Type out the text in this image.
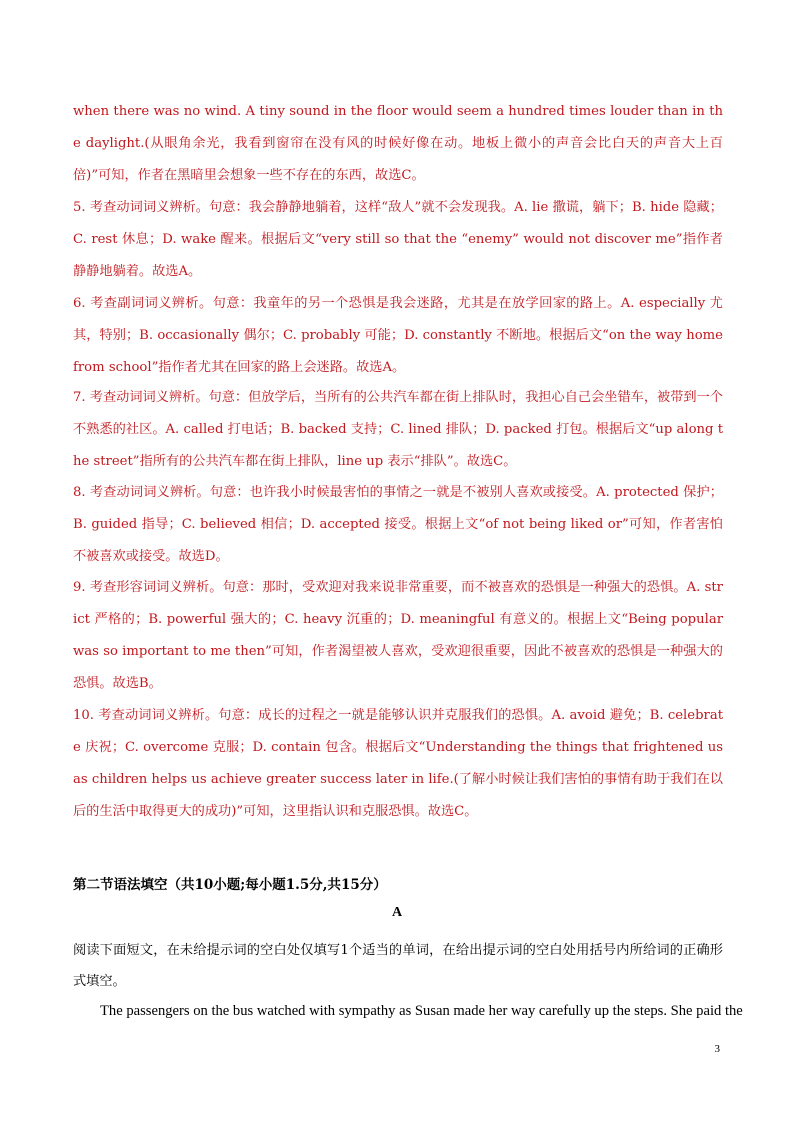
when there was no wind. A tiny sound in the floor would seem a hundred times louder than in the daylight.(从眼角余光，我看到窗帘在没有风的时候好像在动。地板上微小的声音会比白天的声音大上百倍)”可知，作者在黑暗里会想象一些不存在的东西，故选C。
5. 考查动词词义辨析。句意：我会静静地躺着，这样“敌人”就不会发现我。A. lie 撒谎，躺下；B. hide 隐藏；C. rest 休息；D. wake 醒来。根据后文“very still so that the “enemy” would not discover me”指作者静静地躺着。故选A。
6. 考查副词词义辨析。句意：我童年的另一个恐惧是我会迷路，尤其是在放学回家的路上。A. especially 尤其，特别；B. occasionally 偶尔；C. probably 可能；D. constantly 不断地。根据后文“on the way home from school”指作者尤其在回家的路上会迷路。故选A。
7. 考查动词词义辨析。句意：但放学后，当所有的公共汽车都在街上排队时，我担心自己会坐错车，被带到一个不熟悉的社区。A. called 打电话；B. backed 支持；C. lined 排队；D. packed 打包。根据后文“up along the street”指所有的公共汽车都在街上排队，line up 表示“排队”。故选C。
8. 考查动词词义辨析。句意：也许我小时候最害怕的事情之一就是不被别人喜欢或接受。A. protected 保护；B. guided 指导；C. believed 相信；D. accepted 接受。根据上文“of not being liked or”可知，作者害怕不被喜欢或接受。故选D。
9. 考查形容词词义辨析。句意：那时，受欢迎对我来说非常重要，而不被喜欢的恐惧是一种强大的恐惧。A. strict 严格的；B. powerful 强大的；C. heavy 沉重的；D. meaningful 有意义的。根据上文“Being popular was so important to me then”可知，作者渴望被人喜欢，受欢迎很重要，因此不被喜欢的恐惧是一种强大的恐惧。故选B。
10. 考查动词词义辨析。句意：成长的过程之一就是能够认识并克服我们的恐惧。A. avoid 避免；B. celebrate 庆祝；C. overcome 克服；D. contain 包含。根据后文“Understanding the things that frightened us as children helps us achieve greater success later in life.(了解小时候让我们害怕的事情有助于我们在以后的生活中取得更大的成功)”可知，这里指认识和克服恐惧。故选C。
第二节语法填空（共10小题;每小题1.5分,共15分）
A
阅读下面短文，在未给提示词的空白处仅填写1个适当的单词，在给出提示词的空白处用括号内所给词的正确形式填空。
The passengers on the bus watched with sympathy as Susan made her way carefully up the steps. She paid the
3
